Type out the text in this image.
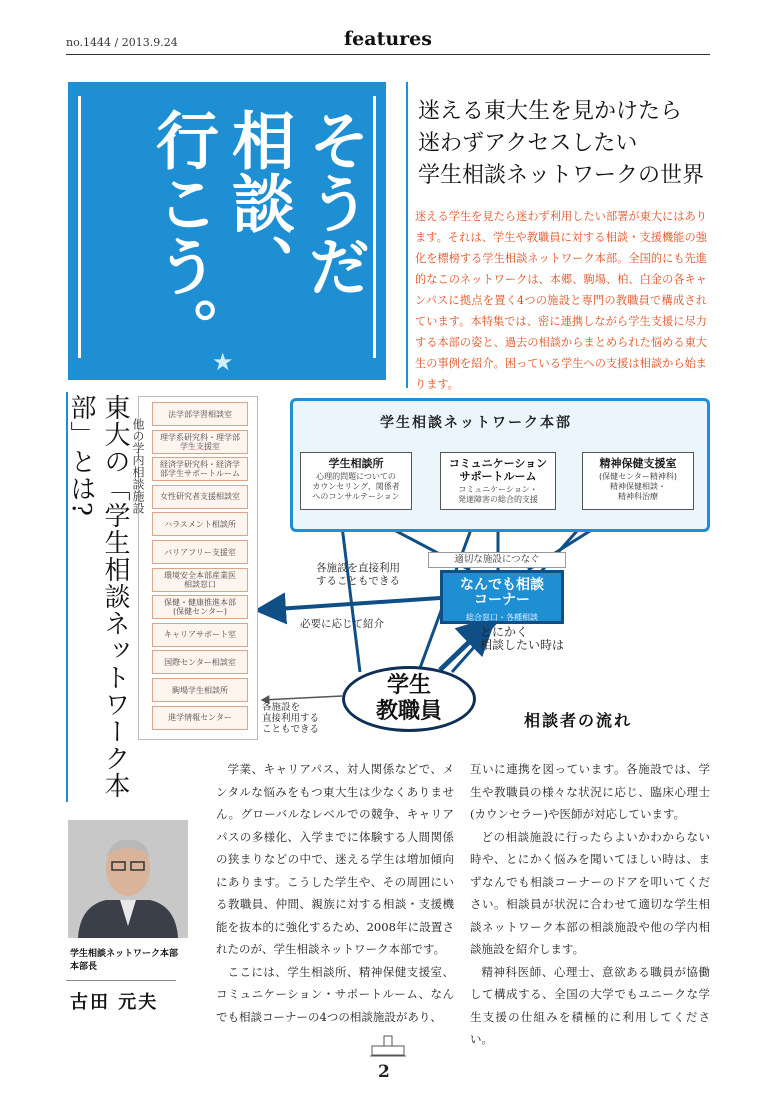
no.1444 / 2013.9.24	features
そうだ
相談、
行こう。
★
迷える東大生を見かけたら
迷わずアクセスしたい
学生相談ネットワークの世界
迷える学生を見たら迷わず利用したい部署が東大にはあります。それは、学生や教職員に対する相談・支援機能の強化を標榜する学生相談ネットワーク本部。全国的にも先進的なこのネットワークは、本郷、駒場、柏、白金の各キャンパスに拠点を置く4つの施設と専門の教職員で構成されています。本特集では、密に連携しながら学生支援に尽力する本部の姿と、過去の相談からまとめられた悩める東大生の事例を紹介。困っている学生への支援は相談から始まります。
東大の「学生相談ネットワーク本部」とは?	他の学内相談施設
法学部学習相談室
理学系研究科・理学部
学生支援室
経済学研究科・経済学
部学生サポートルーム
女性研究者支援相談室
ハラスメント相談所
バリアフリー支援室
環境安全本部産業医
相談窓口
保健・健康推進本部
(保健センター)
キャリアサポート室
国際センター相談室
駒場学生相談所
進学情報センター
学生相談ネットワーク本部
学生相談所
心理的問題についての
カウンセリング、関係者
へのコンサルテーション
コミュニケーション
サポートルーム
コミュニケーション・
発達障害の総合的支援
精神保健支援室
(保健センター精神科)
精神保健相談・
精神科治療
適切な施設につなぐ
各施設を直接利用
することもできる
必要に応じて紹介
なんでも相談
コーナー
総合窓口・各種相談
とにかく
相談したい時は
各施設を
直接利用する
こともできる
学生
教職員	相談者の流れ
学業、キャリアパス、対人関係などで、メンタルな悩みをもつ東大生は少なくありません。グローバルなレベルでの競争、キャリアパスの多様化、入学までに体験する人間関係の狭まりなどの中で、迷える学生は増加傾向にあります。こうした学生や、その周囲にいる教職員、仲間、親族に対する相談・支援機能を抜本的に強化するため、2008年に設置されたのが、学生相談ネットワーク本部です。
ここには、学生相談所、精神保健支援室、コミュニケーション・サポートルーム、なんでも相談コーナーの4つの相談施設があり、
互いに連携を図っています。各施設では、学生や教職員の様々な状況に応じ、臨床心理士(カウンセラー)や医師が対応しています。
どの相談施設に行ったらよいかわからない時や、とにかく悩みを聞いてほしい時は、まずなんでも相談コーナーのドアを叩いてください。相談員が状況に合わせて適切な学生相談ネットワーク本部の相談施設や他の学内相談施設を紹介します。
精神科医師、心理士、意欲ある職員が協働して構成する、全国の大学でもユニークな学生支援の仕組みを積極的に利用してください。
学生相談ネットワーク本部
本部長
古田 元夫
2
